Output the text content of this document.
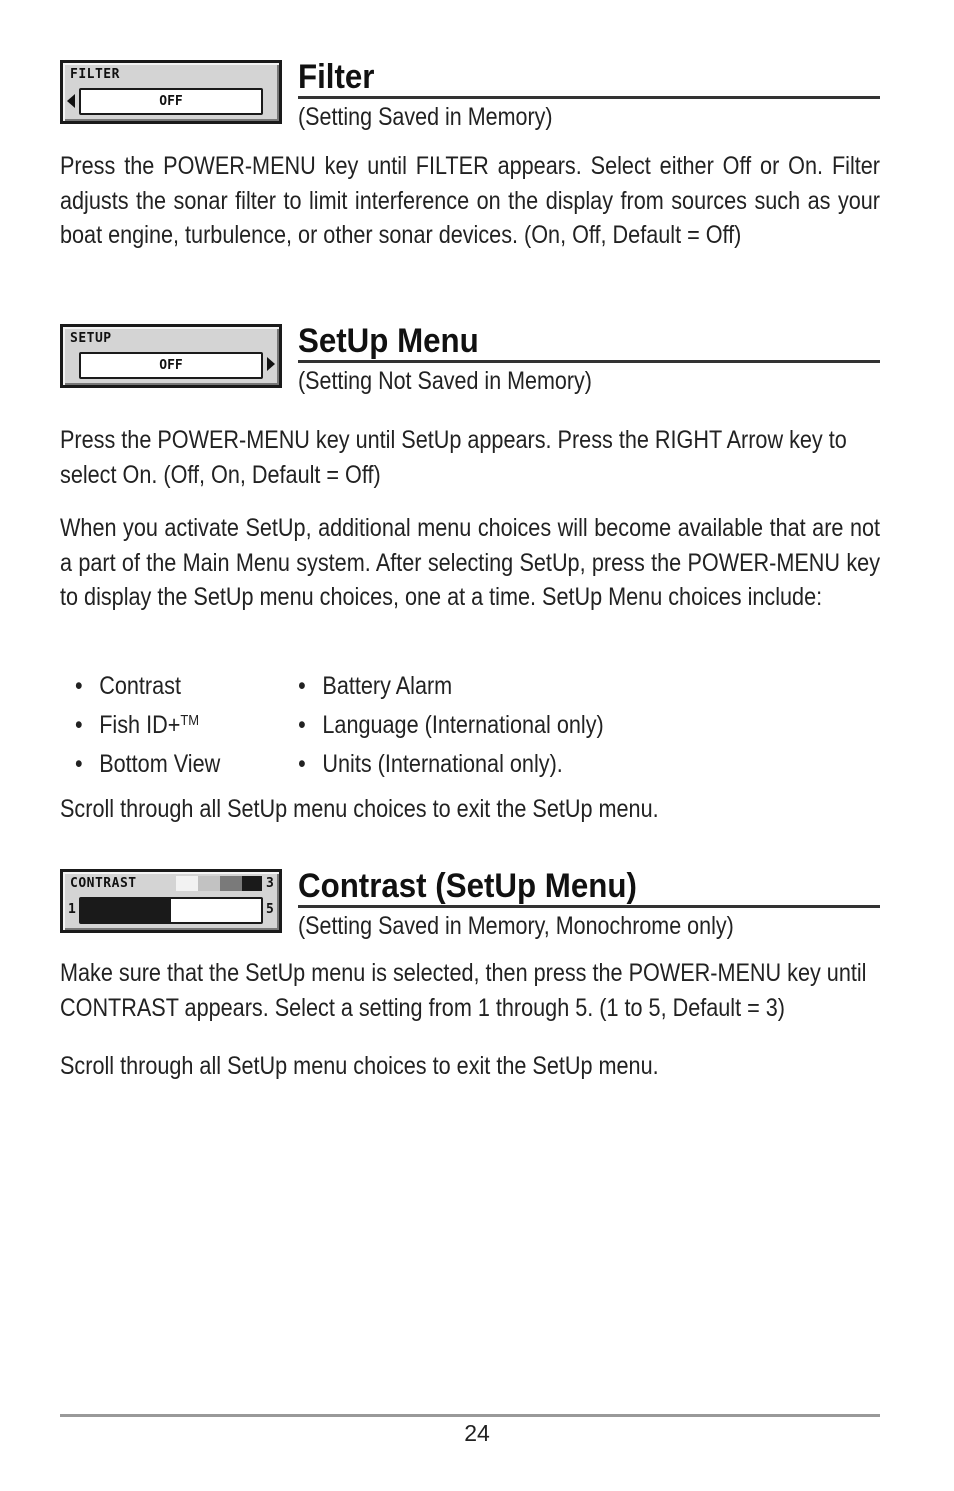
FILTER
OFF
Filter
(Setting Saved in Memory)
Press the POWER-MENU key until FILTER appears. Select either Off or On. Filter adjusts the sonar filter to limit interference on the display from sources such as your boat engine, turbulence, or other sonar devices. (On, Off, Default = Off)
SETUP
OFF
SetUp Menu
(Setting Not Saved in Memory)
Press the POWER-MENU key until SetUp appears. Press the RIGHT Arrow key to select On. (Off, On, Default = Off)
When you activate SetUp, additional menu choices will become available that are not a part of the Main Menu system. After selecting SetUp, press the POWER-MENU key to display the SetUp menu choices, one at a time. SetUp Menu choices include:
• Contrast	• Battery Alarm
• Fish ID+™	• Language (International only)
• Bottom View	• Units (International only).
Scroll through all SetUp menu choices to exit the SetUp menu.
CONTRAST	3
1	5
Contrast (SetUp Menu)
(Setting Saved in Memory, Monochrome only)
Make sure that the SetUp menu is selected, then press the POWER-MENU key until CONTRAST appears. Select a setting from 1 through 5. (1 to 5, Default = 3)
Scroll through all SetUp menu choices to exit the SetUp menu.
24
